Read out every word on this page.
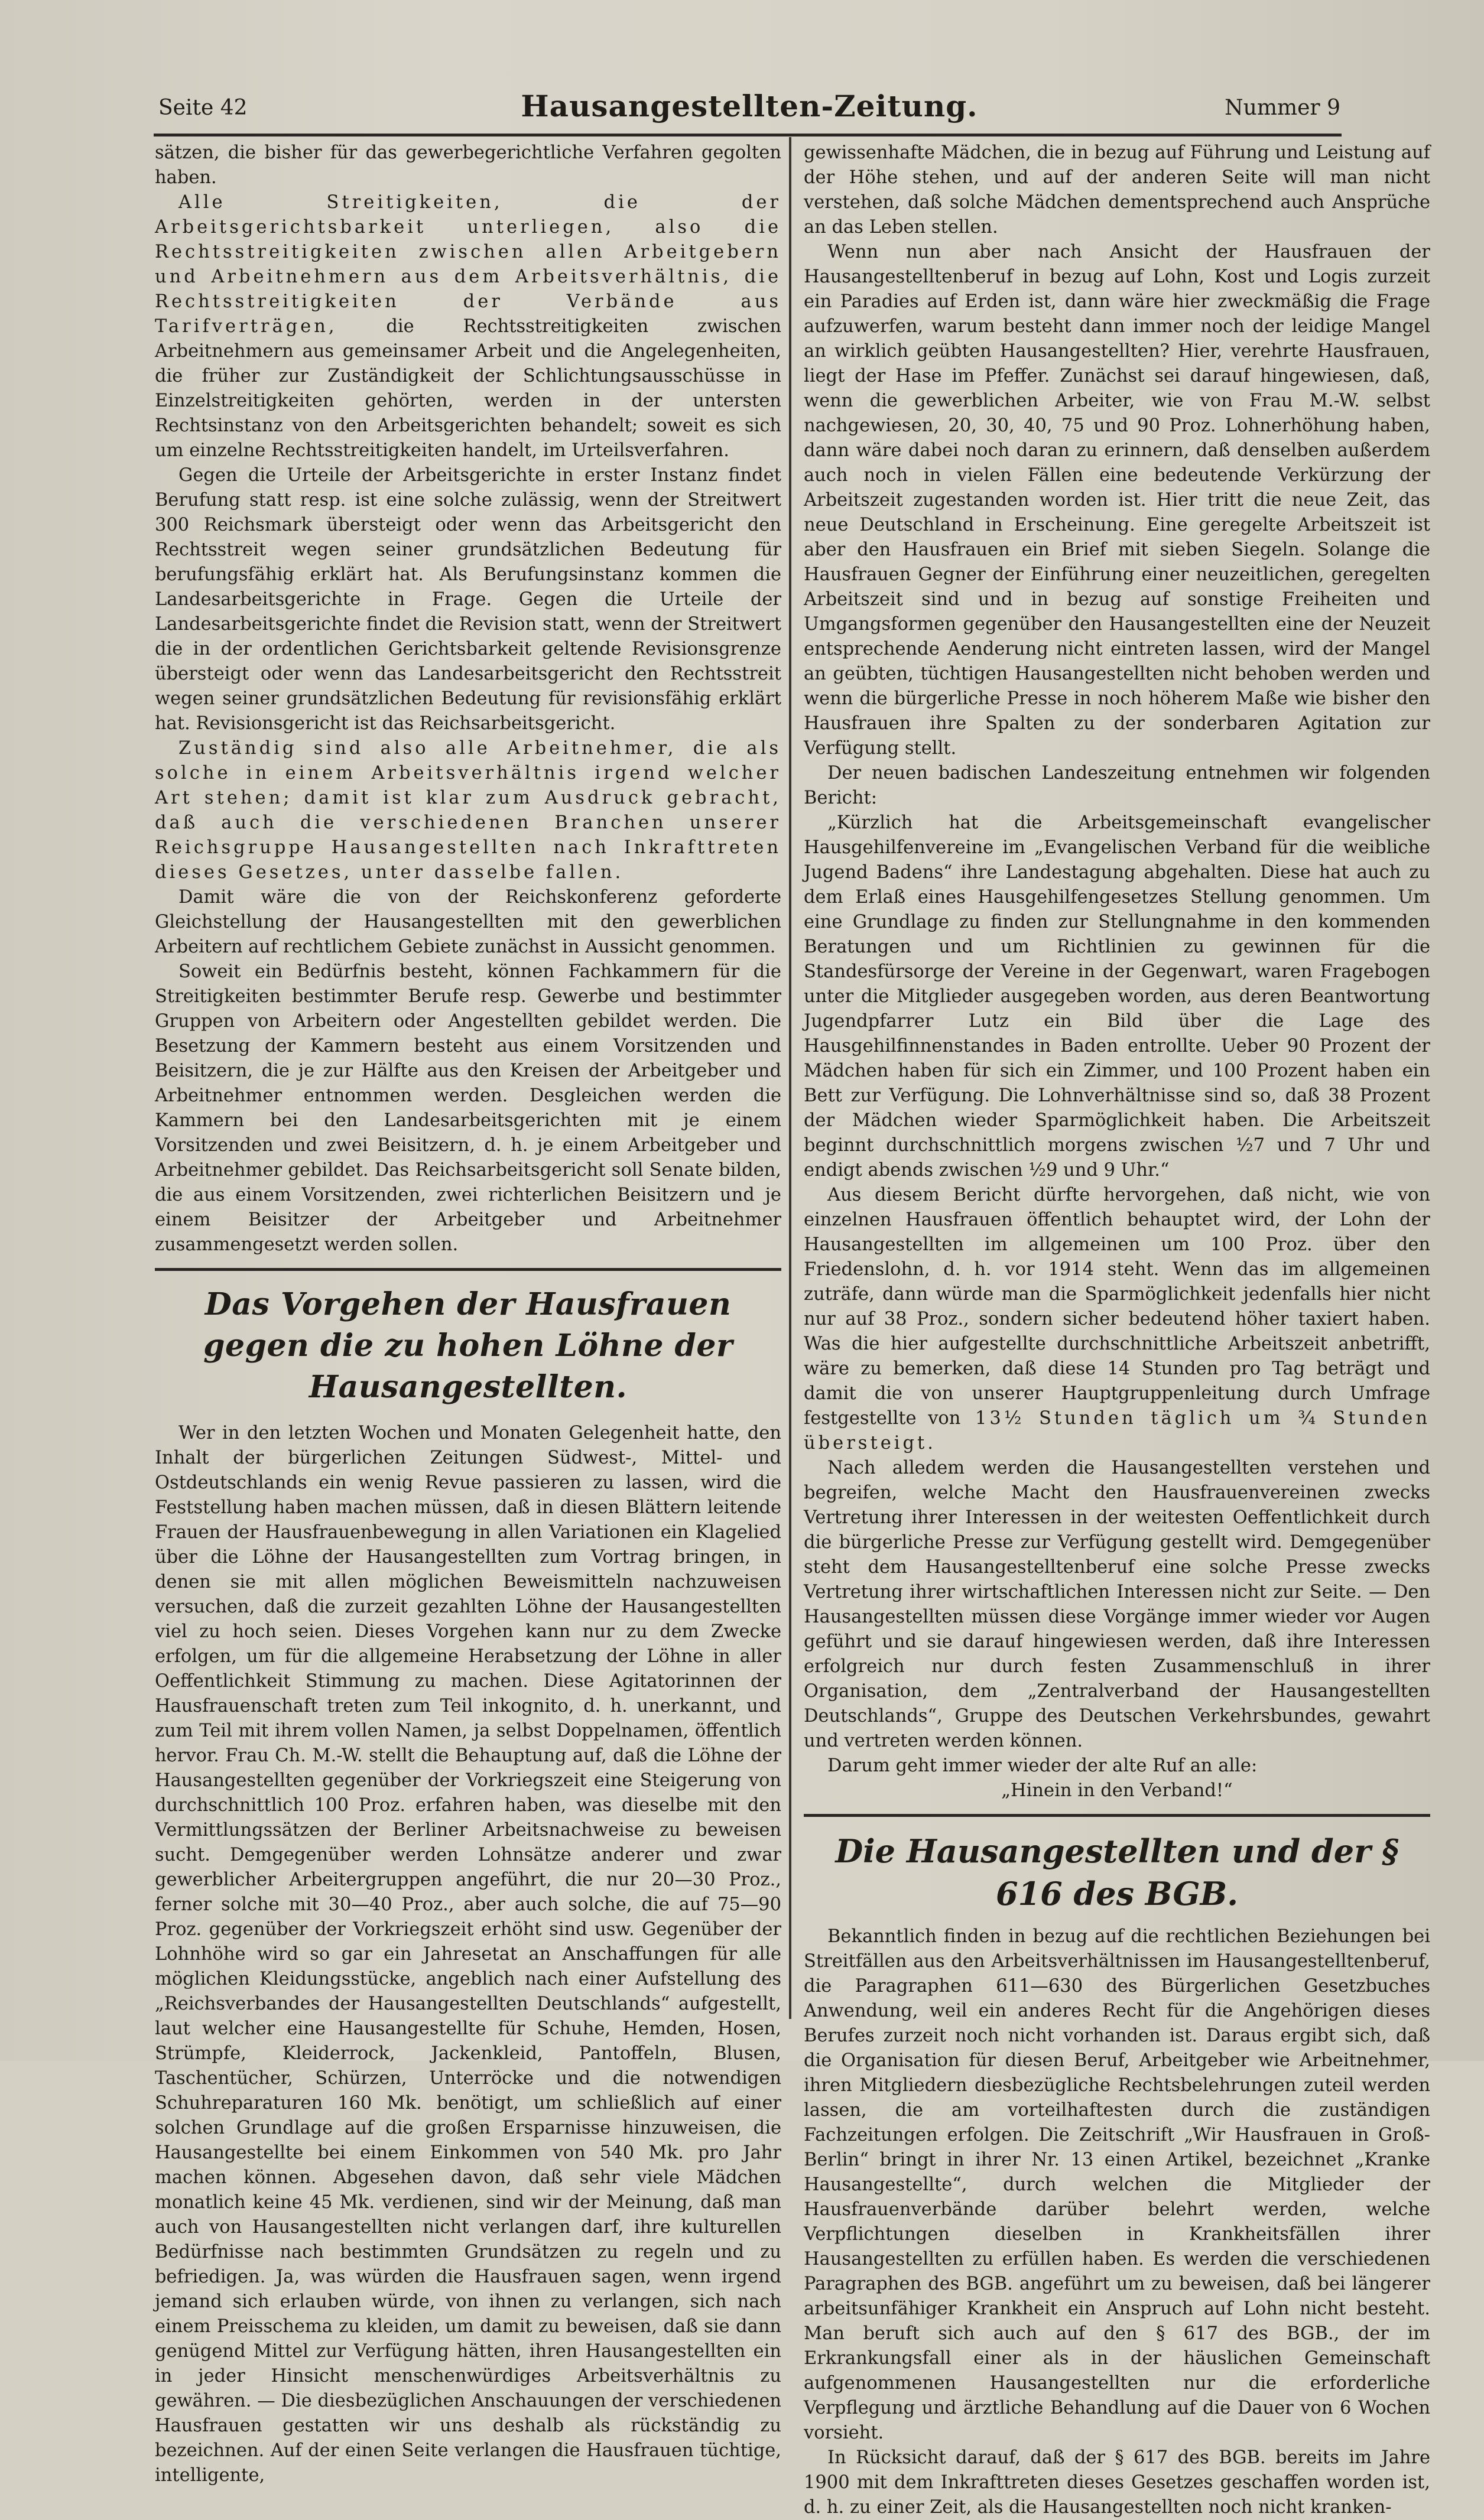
Seite 42	Hausangestellten-Zeitung.	Nummer 9

sätzen, die bisher für das gewerbegerichtliche Verfahren gegolten haben.

Alle Streitigkeiten, die der Arbeitsgerichtsbarkeit unterliegen, also die Rechtsstreitigkeiten zwischen allen Arbeitgebern und Arbeitnehmern aus dem Arbeitsverhältnis, die Rechtsstreitigkeiten der Verbände aus Tarifverträgen, die Rechtsstreitigkeiten zwischen Arbeitnehmern aus gemeinsamer Arbeit und die Angelegenheiten, die früher zur Zuständigkeit der Schlichtungsausschüsse in Einzelstreitigkeiten gehörten, werden in der untersten Rechtsinstanz von den Arbeitsgerichten behandelt; soweit es sich um einzelne Rechtsstreitigkeiten handelt, im Urteilsverfahren.

Gegen die Urteile der Arbeitsgerichte in erster Instanz findet Berufung statt resp. ist eine solche zulässig, wenn der Streitwert 300 Reichsmark übersteigt oder wenn das Arbeitsgericht den Rechtsstreit wegen seiner grundsätzlichen Bedeutung für berufungsfähig erklärt hat. Als Berufungsinstanz kommen die Landesarbeitsgerichte in Frage. Gegen die Urteile der Landesarbeitsgerichte findet die Revision statt, wenn der Streitwert die in der ordentlichen Gerichtsbarkeit geltende Revisionsgrenze übersteigt oder wenn das Landesarbeitsgericht den Rechtsstreit wegen seiner grundsätzlichen Bedeutung für revisionsfähig erklärt hat. Revisionsgericht ist das Reichsarbeitsgericht.

Zuständig sind also alle Arbeitnehmer, die als solche in einem Arbeitsverhältnis irgend welcher Art stehen; damit ist klar zum Ausdruck gebracht, daß auch die verschiedenen Branchen unserer Reichsgruppe Hausangestellten nach Inkrafttreten dieses Gesetzes, unter dasselbe fallen.

Damit wäre die von der Reichskonferenz geforderte Gleichstellung der Hausangestellten mit den gewerblichen Arbeitern auf rechtlichem Gebiete zunächst in Aussicht genommen.

Soweit ein Bedürfnis besteht, können Fachkammern für die Streitigkeiten bestimmter Berufe resp. Gewerbe und bestimmter Gruppen von Arbeitern oder Angestellten gebildet werden. Die Besetzung der Kammern besteht aus einem Vorsitzenden und Beisitzern, die je zur Hälfte aus den Kreisen der Arbeitgeber und Arbeitnehmer entnommen werden. Desgleichen werden die Kammern bei den Landesarbeitsgerichten mit je einem Vorsitzenden und zwei Beisitzern, d. h. je einem Arbeitgeber und Arbeitnehmer gebildet. Das Reichsarbeitsgericht soll Senate bilden, die aus einem Vorsitzenden, zwei richterlichen Beisitzern und je einem Beisitzer der Arbeitgeber und Arbeitnehmer zusammengesetzt werden sollen.

Das Vorgehen der Hausfrauen gegen die zu hohen Löhne der Hausangestellten.

Wer in den letzten Wochen und Monaten Gelegenheit hatte, den Inhalt der bürgerlichen Zeitungen Südwest-, Mittel- und Ostdeutschlands ein wenig Revue passieren zu lassen, wird die Feststellung haben machen müssen, daß in diesen Blättern leitende Frauen der Hausfrauenbewegung in allen Variationen ein Klagelied über die Löhne der Hausangestellten zum Vortrag bringen, in denen sie mit allen möglichen Beweismitteln nachzuweisen versuchen, daß die zurzeit gezahlten Löhne der Hausangestellten viel zu hoch seien. Dieses Vorgehen kann nur zu dem Zwecke erfolgen, um für die allgemeine Herabsetzung der Löhne in aller Oeffentlichkeit Stimmung zu machen. Diese Agitatorinnen der Hausfrauenschaft treten zum Teil inkognito, d. h. unerkannt, und zum Teil mit ihrem vollen Namen, ja selbst Doppelnamen, öffentlich hervor. Frau Ch. M.-W. stellt die Behauptung auf, daß die Löhne der Hausangestellten gegenüber der Vorkriegszeit eine Steigerung von durchschnittlich 100 Proz. erfahren haben, was dieselbe mit den Vermittlungssätzen der Berliner Arbeitsnachweise zu beweisen sucht. Demgegenüber werden Lohnsätze anderer und zwar gewerblicher Arbeitergruppen angeführt, die nur 20—30 Proz., ferner solche mit 30—40 Proz., aber auch solche, die auf 75—90 Proz. gegenüber der Vorkriegszeit erhöht sind usw. Gegenüber der Lohnhöhe wird so gar ein Jahresetat an Anschaffungen für alle möglichen Kleidungsstücke, angeblich nach einer Aufstellung des „Reichsverbandes der Hausangestellten Deutschlands“ aufgestellt, laut welcher eine Hausangestellte für Schuhe, Hemden, Hosen, Strümpfe, Kleiderrock, Jackenkleid, Pantoffeln, Blusen, Taschentücher, Schürzen, Unterröcke und die notwendigen Schuhreparaturen 160 Mk. benötigt, um schließlich auf einer solchen Grundlage auf die großen Ersparnisse hinzuweisen, die Hausangestellte bei einem Einkommen von 540 Mk. pro Jahr machen können. Abgesehen davon, daß sehr viele Mädchen monatlich keine 45 Mk. verdienen, sind wir der Meinung, daß man auch von Hausangestellten nicht verlangen darf, ihre kulturellen Bedürfnisse nach bestimmten Grundsätzen zu regeln und zu befriedigen. Ja, was würden die Hausfrauen sagen, wenn irgend jemand sich erlauben würde, von ihnen zu verlangen, sich nach einem Preisschema zu kleiden, um damit zu beweisen, daß sie dann genügend Mittel zur Verfügung hätten, ihren Hausangestellten ein in jeder Hinsicht menschenwürdiges Arbeitsverhältnis zu gewähren. — Die diesbezüglichen Anschauungen der verschiedenen Hausfrauen gestatten wir uns deshalb als rückständig zu bezeichnen. Auf der einen Seite verlangen die Hausfrauen tüchtige, intelligente,

gewissenhafte Mädchen, die in bezug auf Führung und Leistung auf der Höhe stehen, und auf der anderen Seite will man nicht verstehen, daß solche Mädchen dementsprechend auch Ansprüche an das Leben stellen.

Wenn nun aber nach Ansicht der Hausfrauen der Hausangestelltenberuf in bezug auf Lohn, Kost und Logis zurzeit ein Paradies auf Erden ist, dann wäre hier zweckmäßig die Frage aufzuwerfen, warum besteht dann immer noch der leidige Mangel an wirklich geübten Hausangestellten? Hier, verehrte Hausfrauen, liegt der Hase im Pfeffer. Zunächst sei darauf hingewiesen, daß, wenn die gewerblichen Arbeiter, wie von Frau M.-W. selbst nachgewiesen, 20, 30, 40, 75 und 90 Proz. Lohnerhöhung haben, dann wäre dabei noch daran zu erinnern, daß denselben außerdem auch noch in vielen Fällen eine bedeutende Verkürzung der Arbeitszeit zugestanden worden ist. Hier tritt die neue Zeit, das neue Deutschland in Erscheinung. Eine geregelte Arbeitszeit ist aber den Hausfrauen ein Brief mit sieben Siegeln. Solange die Hausfrauen Gegner der Einführung einer neuzeitlichen, geregelten Arbeitszeit sind und in bezug auf sonstige Freiheiten und Umgangsformen gegenüber den Hausangestellten eine der Neuzeit entsprechende Aenderung nicht eintreten lassen, wird der Mangel an geübten, tüchtigen Hausangestellten nicht behoben werden und wenn die bürgerliche Presse in noch höherem Maße wie bisher den Hausfrauen ihre Spalten zu der sonderbaren Agitation zur Verfügung stellt.

Der neuen badischen Landeszeitung entnehmen wir folgenden Bericht:

„Kürzlich hat die Arbeitsgemeinschaft evangelischer Hausgehilfenvereine im „Evangelischen Verband für die weibliche Jugend Badens“ ihre Landestagung abgehalten. Diese hat auch zu dem Erlaß eines Hausgehilfengesetzes Stellung genommen. Um eine Grundlage zu finden zur Stellungnahme in den kommenden Beratungen und um Richtlinien zu gewinnen für die Standesfürsorge der Vereine in der Gegenwart, waren Fragebogen unter die Mitglieder ausgegeben worden, aus deren Beantwortung Jugendpfarrer Lutz ein Bild über die Lage des Hausgehilfinnenstandes in Baden entrollte. Ueber 90 Prozent der Mädchen haben für sich ein Zimmer, und 100 Prozent haben ein Bett zur Verfügung. Die Lohnverhältnisse sind so, daß 38 Prozent der Mädchen wieder Sparmöglichkeit haben. Die Arbeitszeit beginnt durchschnittlich morgens zwischen ½7 und 7 Uhr und endigt abends zwischen ½9 und 9 Uhr.“

Aus diesem Bericht dürfte hervorgehen, daß nicht, wie von einzelnen Hausfrauen öffentlich behauptet wird, der Lohn der Hausangestellten im allgemeinen um 100 Proz. über den Friedenslohn, d. h. vor 1914 steht. Wenn das im allgemeinen zuträfe, dann würde man die Sparmöglichkeit jedenfalls hier nicht nur auf 38 Proz., sondern sicher bedeutend höher taxiert haben. Was die hier aufgestellte durchschnittliche Arbeitszeit anbetrifft, wäre zu bemerken, daß diese 14 Stunden pro Tag beträgt und damit die von unserer Hauptgruppenleitung durch Umfrage festgestellte von 13½ Stunden täglich um ¾ Stunden übersteigt.

Nach alledem werden die Hausangestellten verstehen und begreifen, welche Macht den Hausfrauenvereinen zwecks Vertretung ihrer Interessen in der weitesten Oeffentlichkeit durch die bürgerliche Presse zur Verfügung gestellt wird. Demgegenüber steht dem Hausangestelltenberuf eine solche Presse zwecks Vertretung ihrer wirtschaftlichen Interessen nicht zur Seite. — Den Hausangestellten müssen diese Vorgänge immer wieder vor Augen geführt und sie darauf hingewiesen werden, daß ihre Interessen erfolgreich nur durch festen Zusammenschluß in ihrer Organisation, dem „Zentralverband der Hausangestellten Deutschlands“, Gruppe des Deutschen Verkehrsbundes, gewahrt und vertreten werden können.

Darum geht immer wieder der alte Ruf an alle:

„Hinein in den Verband!“

Die Hausangestellten und der § 616 des BGB.

Bekanntlich finden in bezug auf die rechtlichen Beziehungen bei Streitfällen aus den Arbeitsverhältnissen im Hausangestelltenberuf, die Paragraphen 611—630 des Bürgerlichen Gesetzbuches Anwendung, weil ein anderes Recht für die Angehörigen dieses Berufes zurzeit noch nicht vorhanden ist. Daraus ergibt sich, daß die Organisation für diesen Beruf, Arbeitgeber wie Arbeitnehmer, ihren Mitgliedern diesbezügliche Rechtsbelehrungen zuteil werden lassen, die am vorteilhaftesten durch die zuständigen Fachzeitungen erfolgen. Die Zeitschrift „Wir Hausfrauen in Groß-Berlin“ bringt in ihrer Nr. 13 einen Artikel, bezeichnet „Kranke Hausangestellte“, durch welchen die Mitglieder der Hausfrauenverbände darüber belehrt werden, welche Verpflichtungen dieselben in Krankheitsfällen ihrer Hausangestellten zu erfüllen haben. Es werden die verschiedenen Paragraphen des BGB. angeführt um zu beweisen, daß bei längerer arbeitsunfähiger Krankheit ein Anspruch auf Lohn nicht besteht. Man beruft sich auch auf den § 617 des BGB., der im Erkrankungsfall einer als in der häuslichen Gemeinschaft aufgenommenen Hausangestellten nur die erforderliche Verpflegung und ärztliche Behandlung auf die Dauer von 6 Wochen vorsieht.

In Rücksicht darauf, daß der § 617 des BGB. bereits im Jahre 1900 mit dem Inkrafttreten dieses Gesetzes geschaffen worden ist, d. h. zu einer Zeit, als die Hausangestellten noch nicht kranken-
